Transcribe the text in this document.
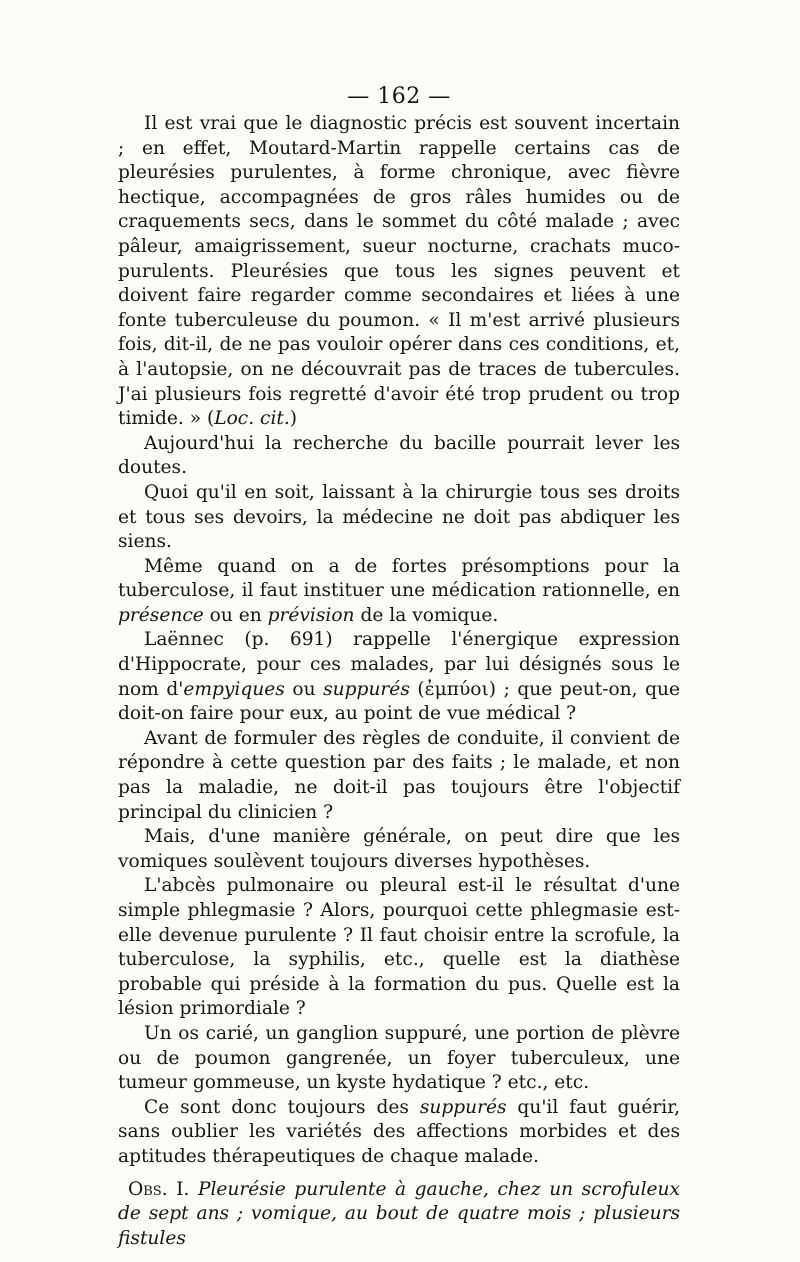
— 162 —

Il est vrai que le diagnostic précis est souvent incertain ; en effet, Moutard-Martin rappelle certains cas de pleurésies purulentes, à forme chronique, avec fièvre hectique, accompagnées de gros râles humides ou de craquements secs, dans le sommet du côté malade ; avec pâleur, amaigrissement, sueur nocturne, crachats muco-purulents. Pleurésies que tous les signes peuvent et doivent faire regarder comme secondaires et liées à une fonte tuberculeuse du poumon. « Il m'est arrivé plusieurs fois, dit-il, de ne pas vouloir opérer dans ces conditions, et, à l'autopsie, on ne découvrait pas de traces de tubercules. J'ai plusieurs fois regretté d'avoir été trop prudent ou trop timide. » (Loc. cit.)

Aujourd'hui la recherche du bacille pourrait lever les doutes.

Quoi qu'il en soit, laissant à la chirurgie tous ses droits et tous ses devoirs, la médecine ne doit pas abdiquer les siens.

Même quand on a de fortes présomptions pour la tuberculose, il faut instituer une médication rationnelle, en présence ou en prévision de la vomique.

Laënnec (p. 691) rappelle l'énergique expression d'Hippocrate, pour ces malades, par lui désignés sous le nom d'empyiques ou suppurés (ἐμπύοι) ; que peut-on, que doit-on faire pour eux, au point de vue médical ?

Avant de formuler des règles de conduite, il convient de répondre à cette question par des faits ; le malade, et non pas la maladie, ne doit-il pas toujours être l'objectif principal du clinicien ?

Mais, d'une manière générale, on peut dire que les vomiques soulèvent toujours diverses hypothèses.

L'abcès pulmonaire ou pleural est-il le résultat d'une simple phlegmasie ? Alors, pourquoi cette phlegmasie est-elle devenue purulente ? Il faut choisir entre la scrofule, la tuberculose, la syphilis, etc., quelle est la diathèse probable qui préside à la formation du pus. Quelle est la lésion primordiale ?

Un os carié, un ganglion suppuré, une portion de plèvre ou de poumon gangrenée, un foyer tuberculeux, une tumeur gommeuse, un kyste hydatique ? etc., etc.

Ce sont donc toujours des suppurés qu'il faut guérir, sans oublier les variétés des affections morbides et des aptitudes thérapeutiques de chaque malade.

Obs. I. Pleurésie purulente à gauche, chez un scrofuleux de sept ans ; vomique, au bout de quatre mois ; plusieurs fistules
